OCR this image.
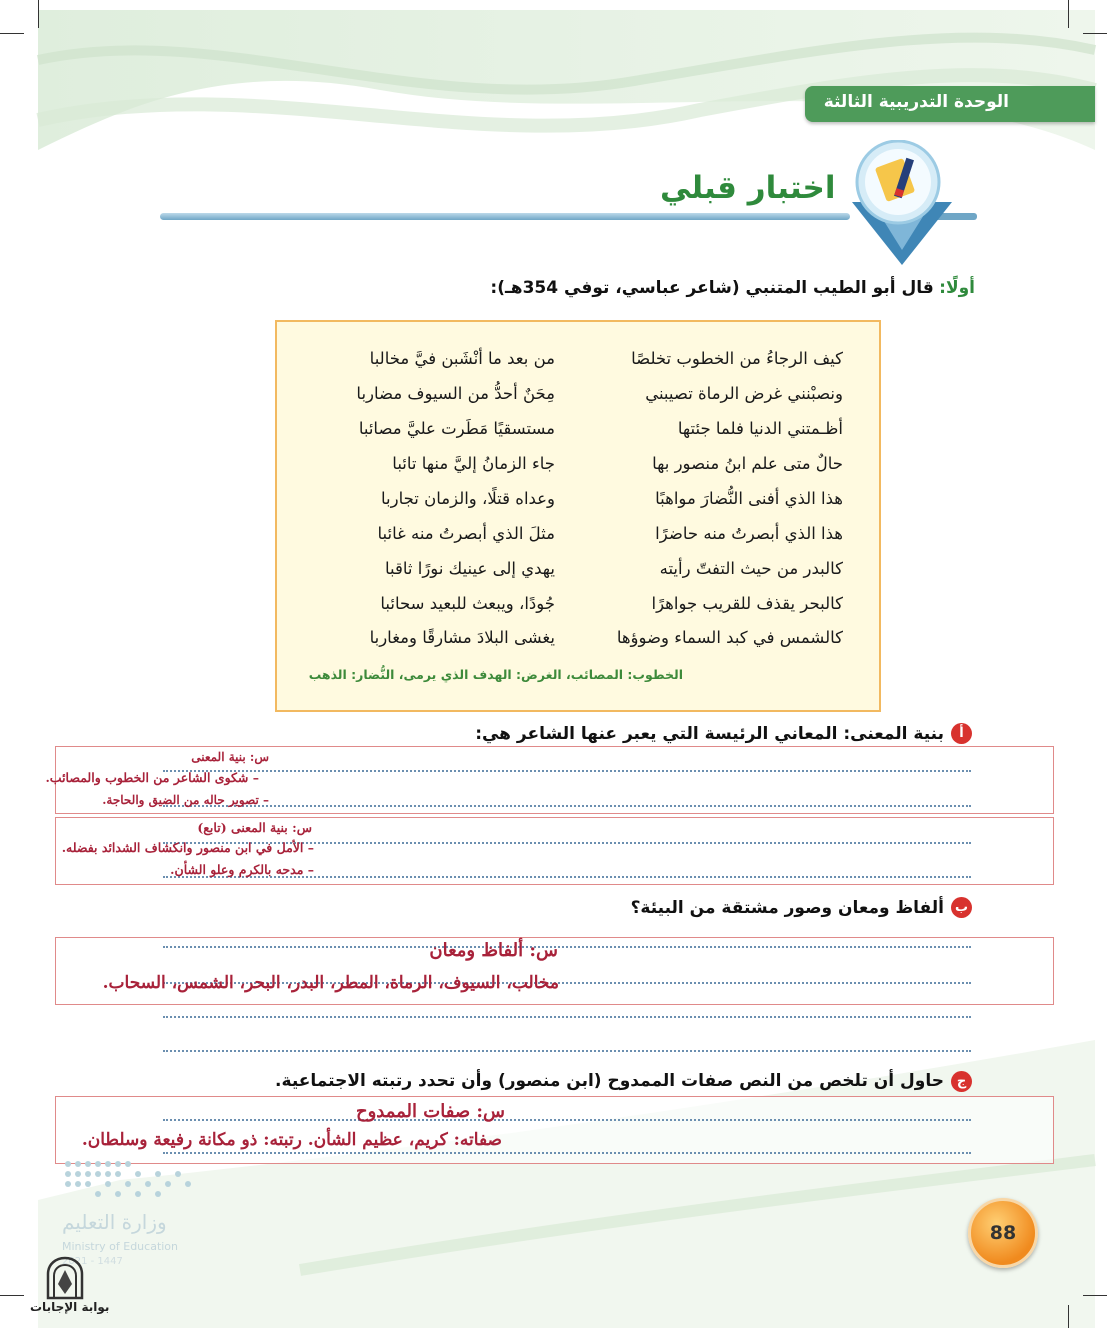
الوحدة التدريبية الثالثة
اختبار قبلي
أولًا: قال أبو الطيب المتنبي (شاعر عباسي، توفي 354هـ):
كيف الرجاءُ من الخطوب تخلصًا
من بعد ما أنْشَبن فيَّ مخالبا
ونصبْنني غرض الرماة تصيبني
مِحَنٌ أحدُّ من السيوف مضاربا
أظـمتني الدنيا فلما جئتها
مستسقيًا مَطَرت عليَّ مصائبا
حالٌ متى علم ابنُ منصور بها
جاء الزمانُ إليَّ منها تائبا
هذا الذي أفنى النُّضارَ مواهبًا
وعداه قتلًا، والزمان تجاربا
هذا الذي أبصرتُ منه حاضرًا
مثلَ الذي أبصرتُ منه غائبا
كالبدر من حيث التفتّ رأيته
يهدي إلى عينيك نورًا ثاقبا
كالبحر يقذف للقريب جواهرًا
جُودًا، ويبعث للبعيد سحائبا
كالشمس في كبد السماء وضوؤها
يغشى البلادَ مشارقًا ومغاربا
الخطوب: المصائب، الغرض: الهدف الذي يرمى، النُّضار: الذهب
أ
بنية المعنى: المعاني الرئيسة التي يعبر عنها الشاعر هي:
س: بنية المعنى
– شكوى الشاعر من الخطوب والمصائب.
– تصوير حاله من الضيق والحاجة.
س: بنية المعنى (تابع)
– الأمل في ابن منصور وانكشاف الشدائد بفضله.
– مدحه بالكرم وعلو الشأن.
ب
ألفاظ ومعان وصور مشتقة من البيئة؟
س: ألفاظ ومعان
مخالب، السيوف، الرماة، المطر، البدر، البحر، الشمس، السحاب.
ج
حاول أن تلخص من النص صفات الممدوح (ابن منصور) وأن تحدد رتبته الاجتماعية.
س: صفات الممدوح
صفاته: كريم، عظيم الشأن. رتبته: ذو مكانة رفيعة وسلطان.
وزارة التعليم
Ministry of Education
2021 - 1447
بوابة الإجابات
88
